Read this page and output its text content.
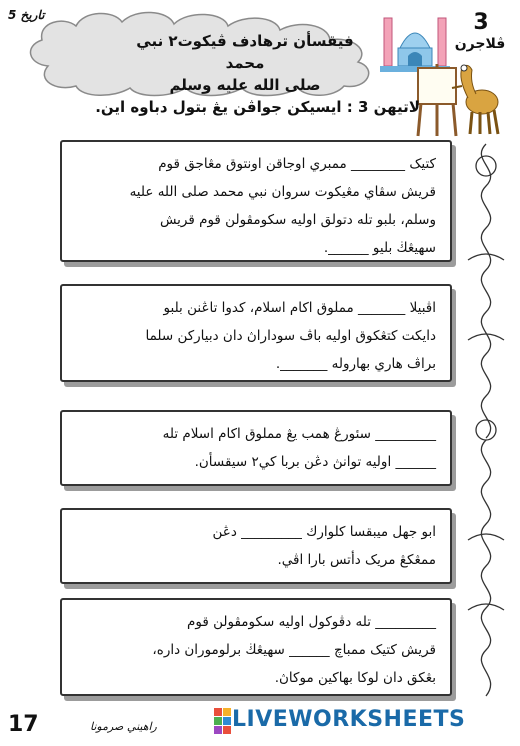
فيقسأن ترهادف ڤيكوت٢ نبي محمد
صلى الله عليه وسلم
تاريخ 5	3
ڤلاجرن
لاتيهن 3 : ايسيكن جواڤن يڠ بتول دباوه اين.
كتيک ________ ممبري اوجاقن اونتوق مڠاجق قوم
قريش سڤاي مڠيكوت سروان نبي محمد صلى الله عليه
وسلم، بلبو تله دتولق اوليه سكومڤولن قوم قريش
سهيڠڬ بليو ______.
اڤبيلا _______ مملوق اكام اسلام، كدوا تاڠنن بلبو
دايکت کتڠكوق اوليه باڤ سوداراڽ دان دبيارکن سلما
براڤ هاري بهاروله _______.
_________ سئورڠ همب يڠ مملوق اكام اسلام تله
______ اوليه توانڽ دڠن بربا کي٢ سيقسأن.
ابو جهل ميبقسا كلوارك _________ دڠن
ممڠكڠ مريک دأتس بارا اڤي.
_________ تله دڤوكول اوليه سكومڤولن قوم
قريش كتيک ممباچ ______ سهيڠڬ برلوموران داره،
بڠكق دان لوكا بهاكين موكاڽ.
17	راهيني صرمونا	LIVEWORKSHEETS
